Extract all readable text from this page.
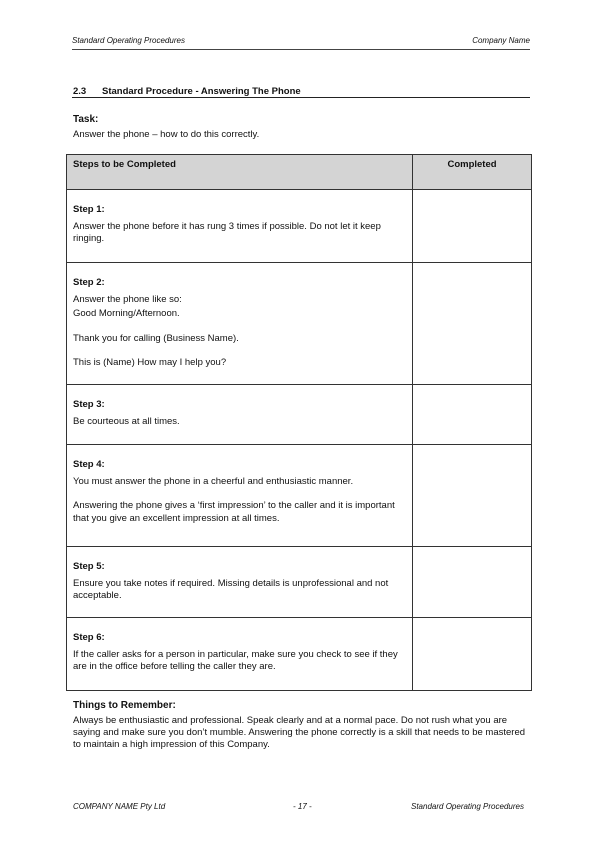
Standard Operating Procedures	Company Name
2.3 Standard Procedure - Answering The Phone
Task:
Answer the phone – how to do this correctly.
Steps to be Completed	Completed

Step 1:
Answer the phone before it has rung 3 times if possible. Do not let it keep ringing.	

Step 2:
Answer the phone like so:
Good Morning/Afternoon.
Thank you for calling (Business Name).
This is (Name) How may I help you?	

Step 3:
Be courteous at all times.	

Step 4:
You must answer the phone in a cheerful and enthusiastic manner.
Answering the phone gives a ‘first impression’ to the caller and it is important that you give an excellent impression at all times.	

Step 5:
Ensure you take notes if required. Missing details is unprofessional and not acceptable.	

Step 6:
If the caller asks for a person in particular, make sure you check to see if they are in the office before telling the caller they are.	

Things to Remember:
Always be enthusiastic and professional. Speak clearly and at a normal pace. Do not rush what you are saying and make sure you don’t mumble. Answering the phone correctly is a skill that needs to be mastered to maintain a high impression of this Company.
COMPANY NAME Pty Ltd	- 17 -	Standard Operating Procedures
